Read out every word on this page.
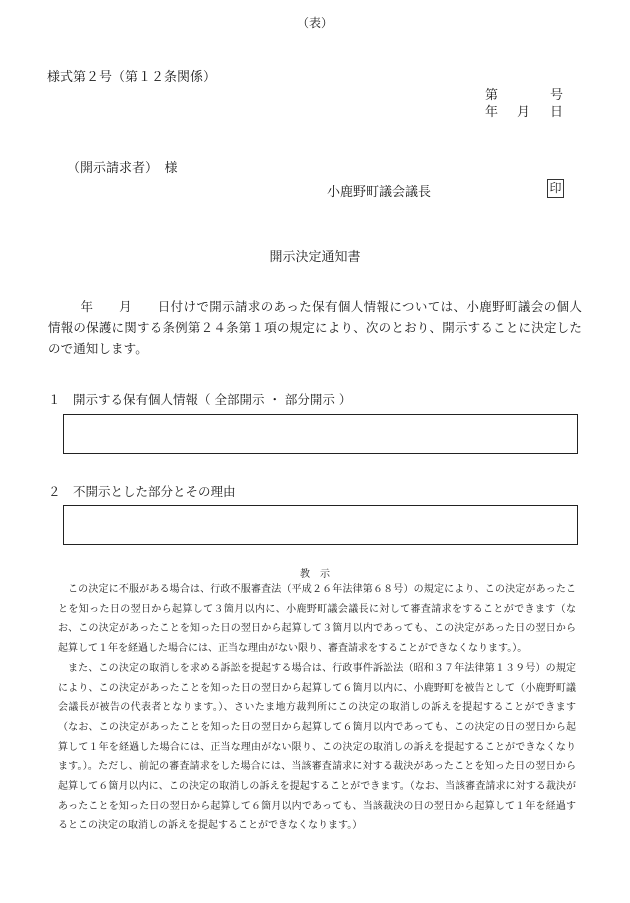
（表）
様式第２号（第１２条関係）
第	号
年 月 日
（開示請求者）　様
小鹿野町議会議長	印
開示決定通知書
年　　月　　日付けで開示請求のあった保有個人情報については、小鹿野町議会の個人情報の保護に関する条例第２４条第１項の規定により、次のとおり、開示することに決定したので通知します。
１　開示する保有個人情報（ 全部開示 ・ 部分開示 ）
２　不開示とした部分とその理由
教示

この決定に不服がある場合は、行政不服審査法（平成２６年法律第６８号）の規定により、この決定があったことを知った日の翌日から起算して３箇月以内に、小鹿野町議会議長に対して審査請求をすることができます（なお、この決定があったことを知った日の翌日から起算して３箇月以内であっても、この決定があった日の翌日から起算して１年を経過した場合には、正当な理由がない限り、審査請求をすることができなくなります。）。

また、この決定の取消しを求める訴訟を提起する場合は、行政事件訴訟法（昭和３７年法律第１３９号）の規定により、この決定があったことを知った日の翌日から起算して６箇月以内に、小鹿野町を被告として（小鹿野町議会議長が被告の代表者となります。）、さいたま地方裁判所にこの決定の取消しの訴えを提起することができます（なお、この決定があったことを知った日の翌日から起算して６箇月以内であっても、この決定の日の翌日から起算して１年を経過した場合には、正当な理由がない限り、この決定の取消しの訴えを提起することができなくなります。）。ただし、前記の審査請求をした場合には、当該審査請求に対する裁決があったことを知った日の翌日から起算して６箇月以内に、この決定の取消しの訴えを提起することができます。（なお、当該審査請求に対する裁決があったことを知った日の翌日から起算して６箇月以内であっても、当該裁決の日の翌日から起算して１年を経過するとこの決定の取消しの訴えを提起することができなくなります。）
